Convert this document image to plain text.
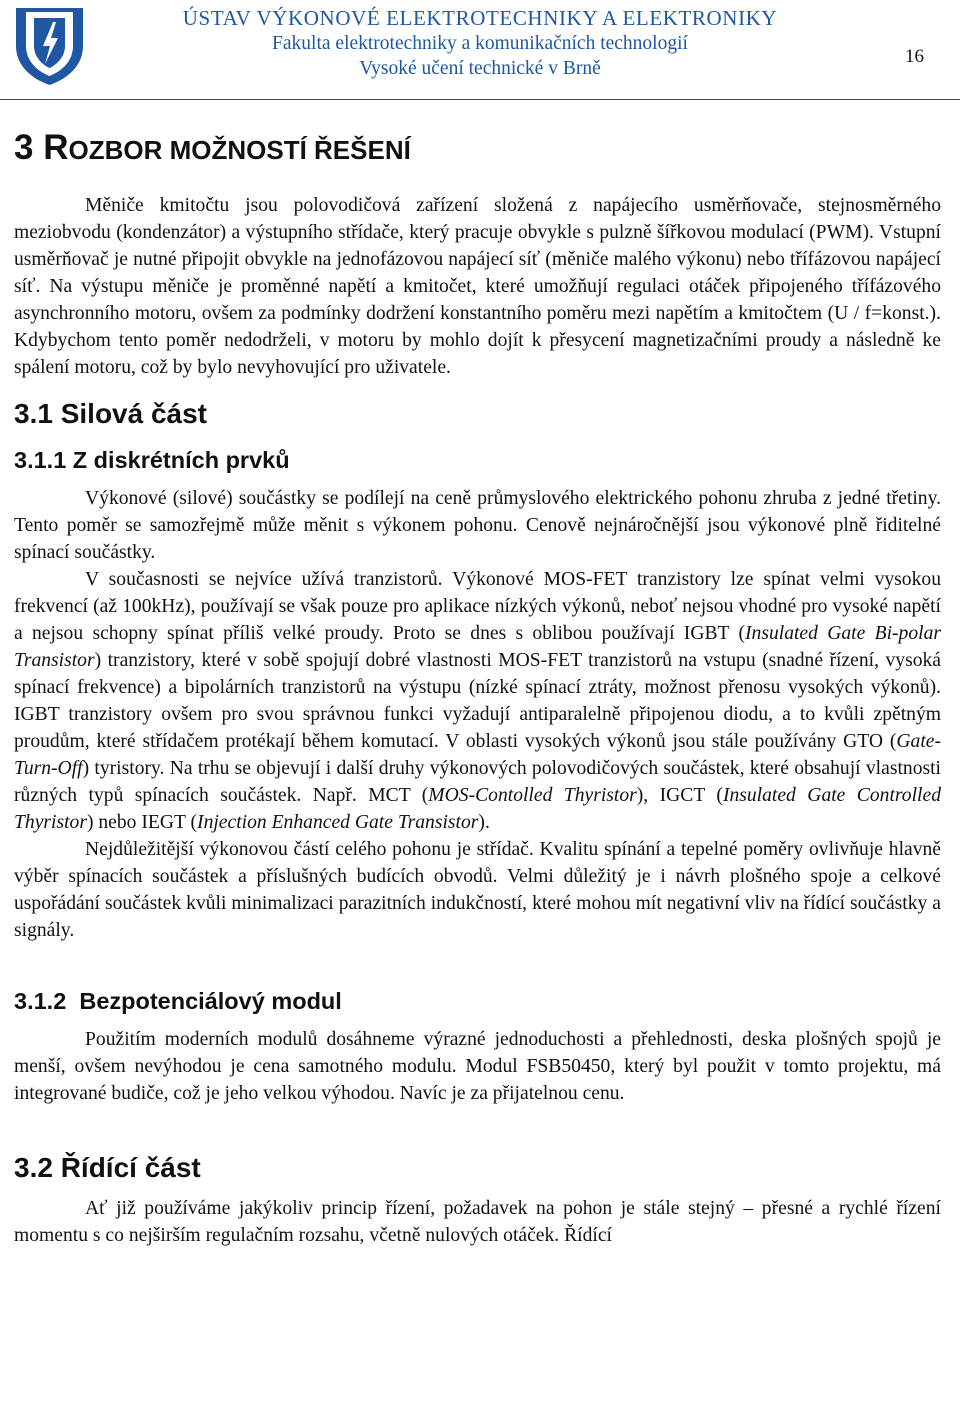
ÚSTAV VÝKONOVÉ ELEKTROTECHNIKY A ELEKTRONIKY
Fakulta elektrotechniky a komunikačních technologií
Vysoké učení technické v Brně
16
3 ROZBOR MOŽNOSTÍ ŘEŠENÍ

Měniče kmitočtu jsou polovodičová zařízení složená z napájecího usměrňovače, stejnosměrného meziobvodu (kondenzátor) a výstupního střídače, který pracuje obvykle s pulzně šířkovou modulací (PWM). Vstupní usměrňovač je nutné připojit obvykle na jednofázovou napájecí síť (měniče malého výkonu) nebo třífázovou napájecí síť. Na výstupu měniče je proměnné napětí a kmitočet, které umožňují regulaci otáček připojeného třífázového asynchronního motoru, ovšem za podmínky dodržení konstantního poměru mezi napětím a kmitočtem (U / f=konst.). Kdybychom tento poměr nedodrželi, v motoru by mohlo dojít k přesycení magnetizačními proudy a následně ke spálení motoru, což by bylo nevyhovující pro uživatele.

3.1 Silová část
3.1.1 Z diskrétních prvků

Výkonové (silové) součástky se podílejí na ceně průmyslového elektrického pohonu zhruba z jedné třetiny. Tento poměr se samozřejmě může měnit s výkonem pohonu. Cenově nejnáročnější jsou výkonové plně řiditelné spínací součástky.

V současnosti se nejvíce užívá tranzistorů. Výkonové MOS-FET tranzistory lze spínat velmi vysokou frekvencí (až 100kHz), používají se však pouze pro aplikace nízkých výkonů, neboť nejsou vhodné pro vysoké napětí a nejsou schopny spínat příliš velké proudy. Proto se dnes s oblibou používají IGBT (Insulated Gate Bi-polar Transistor) tranzistory, které v sobě spojují dobré vlastnosti MOS-FET tranzistorů na vstupu (snadné řízení, vysoká spínací frekvence) a bipolárních tranzistorů na výstupu (nízké spínací ztráty, možnost přenosu vysokých výkonů). IGBT tranzistory ovšem pro svou správnou funkci vyžadují antiparalelně připojenou diodu, a to kvůli zpětným proudům, které střídačem protékají během komutací. V oblasti vysokých výkonů jsou stále používány GTO (Gate-Turn-Off) tyristory. Na trhu se objevují i další druhy výkonových polovodičových součástek, které obsahují vlastnosti různých typů spínacích součástek. Např. MCT (MOS-Contolled Thyristor), IGCT (Insulated Gate Controlled Thyristor) nebo IEGT (Injection Enhanced Gate Transistor).

Nejdůležitější výkonovou částí celého pohonu je střídač. Kvalitu spínání a tepelné poměry ovlivňuje hlavně výběr spínacích součástek a příslušných budících obvodů. Velmi důležitý je i návrh plošného spoje a celkové uspořádání součástek kvůli minimalizaci parazitních indukčností, které mohou mít negativní vliv na řídící součástky a signály.

3.1.2 Bezpotenciálový modul

Použitím moderních modulů dosáhneme výrazné jednoduchosti a přehlednosti, deska plošných spojů je menší, ovšem nevýhodou je cena samotného modulu. Modul FSB50450, který byl použit v tomto projektu, má integrované budiče, což je jeho velkou výhodou. Navíc je za přijatelnou cenu.

3.2 Řídící část

Ať již používáme jakýkoliv princip řízení, požadavek na pohon je stále stejný – přesné a rychlé řízení momentu s co nejširším regulačním rozsahu, včetně nulových otáček. Řídící
